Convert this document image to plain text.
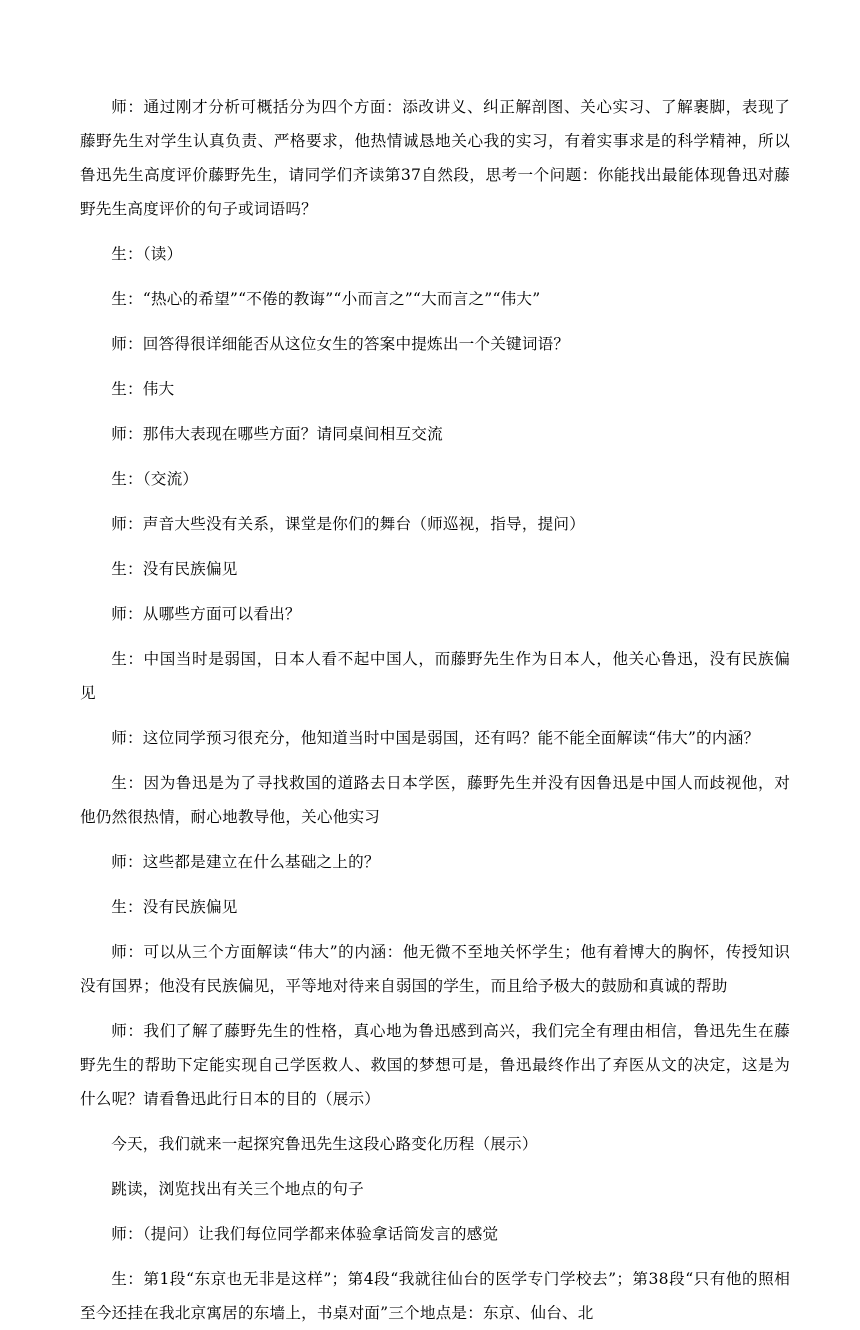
师：通过刚才分析可概括分为四个方面：添改讲义、纠正解剖图、关心实习、了解裹脚，表现了藤野先生对学生认真负责、严格要求，他热情诚恳地关心我的实习，有着实事求是的科学精神，所以鲁迅先生高度评价藤野先生，请同学们齐读第37自然段，思考一个问题：你能找出最能体现鲁迅对藤野先生高度评价的句子或词语吗？

生：（读）

生：“热心的希望”“不倦的教诲”“小而言之”“大而言之”“伟大”

师：回答得很详细能否从这位女生的答案中提炼出一个关键词语？

生：伟大

师：那伟大表现在哪些方面？请同桌间相互交流

生：（交流）

师：声音大些没有关系，课堂是你们的舞台（师巡视，指导，提问）

生：没有民族偏见

师：从哪些方面可以看出？

生：中国当时是弱国，日本人看不起中国人，而藤野先生作为日本人，他关心鲁迅，没有民族偏见

师：这位同学预习很充分，他知道当时中国是弱国，还有吗？能不能全面解读“伟大”的内涵？

生：因为鲁迅是为了寻找救国的道路去日本学医，藤野先生并没有因鲁迅是中国人而歧视他，对他仍然很热情，耐心地教导他，关心他实习

师：这些都是建立在什么基础之上的？

生：没有民族偏见

师：可以从三个方面解读“伟大”的内涵：他无微不至地关怀学生；他有着博大的胸怀，传授知识没有国界；他没有民族偏见，平等地对待来自弱国的学生，而且给予极大的鼓励和真诚的帮助

师：我们了解了藤野先生的性格，真心地为鲁迅感到高兴，我们完全有理由相信，鲁迅先生在藤野先生的帮助下定能实现自己学医救人、救国的梦想可是，鲁迅最终作出了弃医从文的决定，这是为什么呢？请看鲁迅此行日本的目的（展示）

今天，我们就来一起探究鲁迅先生这段心路变化历程（展示）

跳读，浏览找出有关三个地点的句子

师：（提问）让我们每位同学都来体验拿话筒发言的感觉

生：第1段“东京也无非是这样”；第4段“我就往仙台的医学专门学校去”；第38段“只有他的照相至今还挂在我北京寓居的东墙上，书桌对面”三个地点是：东京、仙台、北
